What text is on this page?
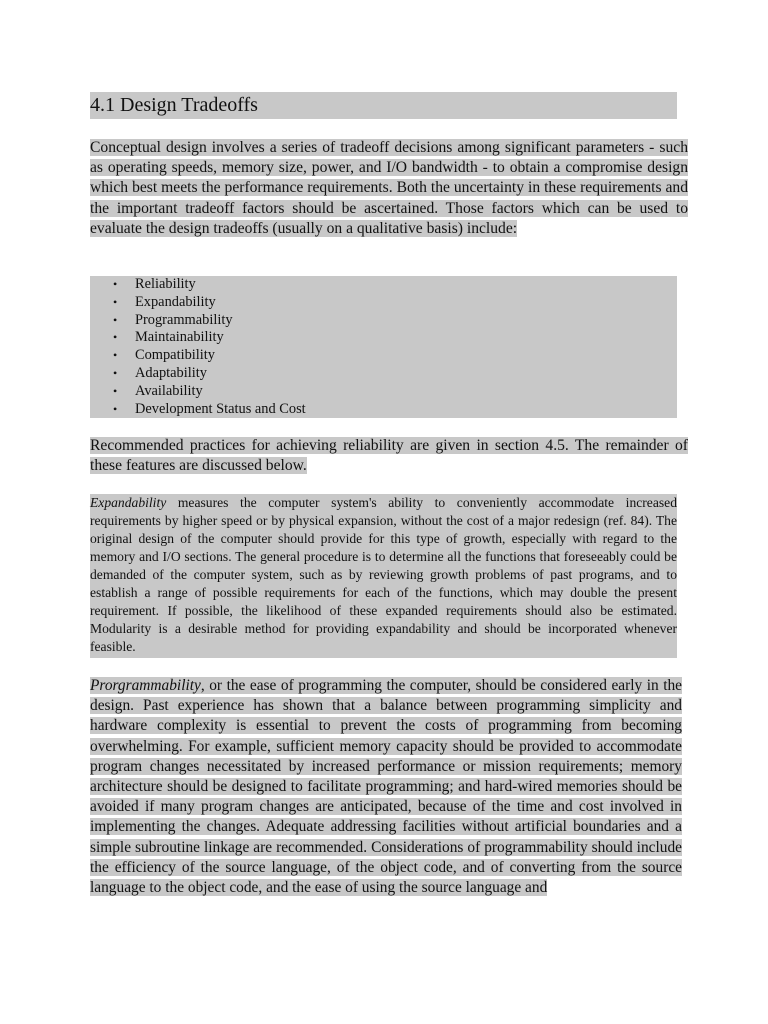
4.1 Design Tradeoffs

Conceptual design involves a series of tradeoff decisions among significant parameters - such as operating speeds, memory size, power, and I/O bandwidth - to obtain a compromise design which best meets the performance requirements. Both the uncertainty in these requirements and the important tradeoff factors should be ascertained. Those factors which can be used to evaluate the design tradeoffs (usually on a qualitative basis) include:

• Reliability
• Expandability
• Programmability
• Maintainability
• Compatibility
• Adaptability
• Availability
• Development Status and Cost

Recommended practices for achieving reliability are given in section 4.5. The remainder of these features are discussed below.

Expandability measures the computer system's ability to conveniently accommodate increased requirements by higher speed or by physical expansion, without the cost of a major redesign (ref. 84). The original design of the computer should provide for this type of growth, especially with regard to the memory and I/O sections. The general procedure is to determine all the functions that foreseeably could be demanded of the computer system, such as by reviewing growth problems of past programs, and to establish a range of possible requirements for each of the functions, which may double the present requirement. If possible, the likelihood of these expanded requirements should also be estimated. Modularity is a desirable method for providing expandability and should be incorporated whenever feasible.

Prorgrammability, or the ease of programming the computer, should be considered early in the design. Past experience has shown that a balance between programming simplicity and hardware complexity is essential to prevent the costs of programming from becoming overwhelming. For example, sufficient memory capacity should be provided to accommodate program changes necessitated by increased performance or mission requirements; memory architecture should be designed to facilitate programming; and hard-wired memories should be avoided if many program changes are anticipated, because of the time and cost involved in implementing the changes. Adequate addressing facilities without artificial boundaries and a simple subroutine linkage are recommended. Considerations of programmability should include the efficiency of the source language, of the object code, and of converting from the source language to the object code, and the ease of using the source language and
